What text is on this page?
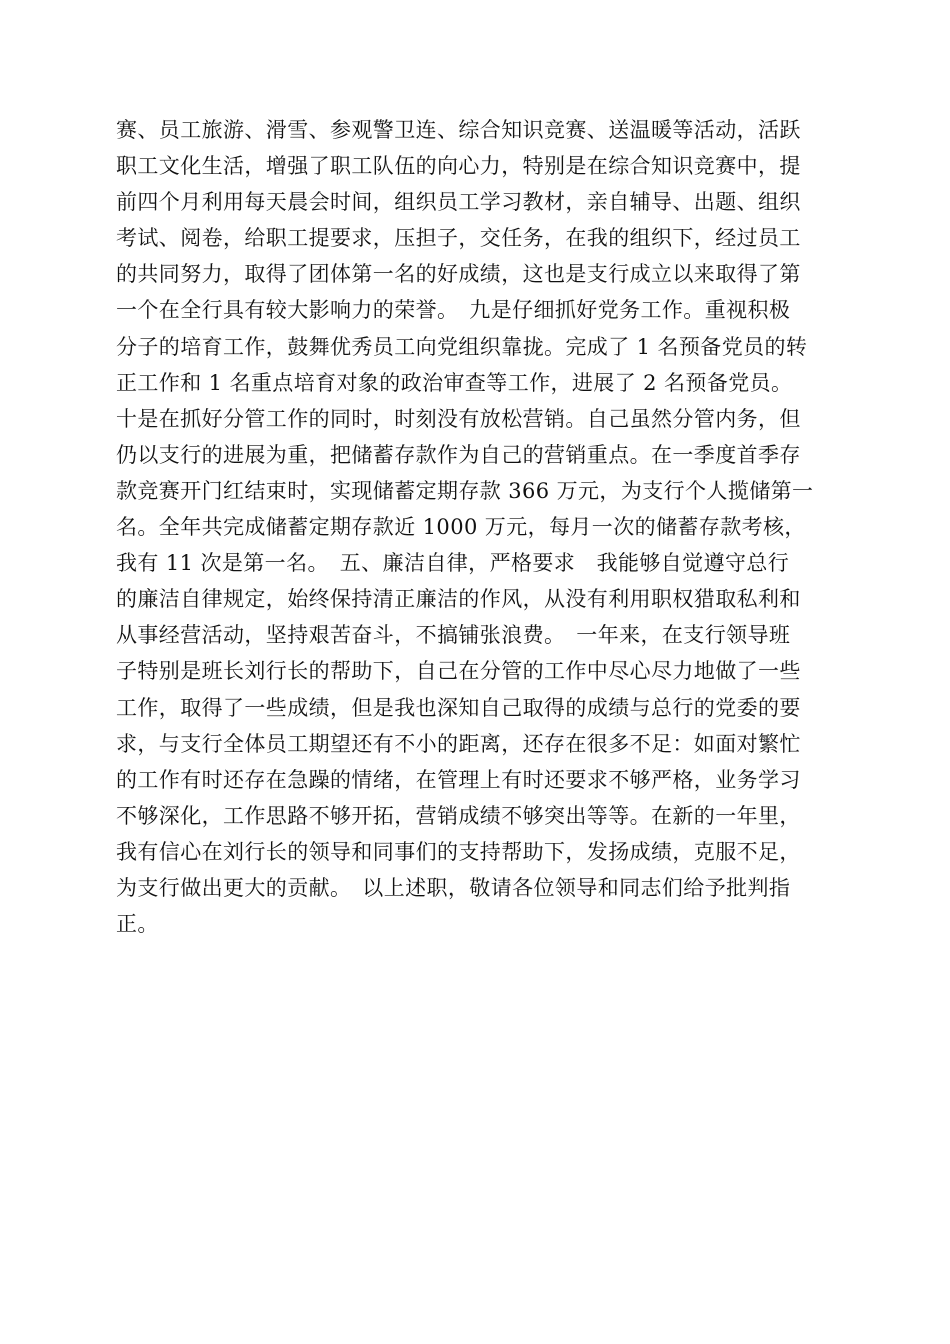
赛、员工旅游、滑雪、参观警卫连、综合知识竞赛、送温暖等活动，活跃
职工文化生活，增强了职工队伍的向心力，特别是在综合知识竞赛中，提
前四个月利用每天晨会时间，组织员工学习教材，亲自辅导、出题、组织
考试、阅卷，给职工提要求，压担子，交任务，在我的组织下，经过员工
的共同努力，取得了团体第一名的好成绩，这也是支行成立以来取得了第
一个在全行具有较大影响力的荣誉。　九是仔细抓好党务工作。重视积极
分子的培育工作，鼓舞优秀员工向党组织靠拢。完成了 1 名预备党员的转
正工作和 1 名重点培育对象的政治审查等工作，进展了 2 名预备党员。
十是在抓好分管工作的同时，时刻没有放松营销。自己虽然分管内务，但
仍以支行的进展为重，把储蓄存款作为自己的营销重点。在一季度首季存
款竞赛开门红结束时，实现储蓄定期存款 366 万元，为支行个人揽储第一
名。全年共完成储蓄定期存款近 1000 万元，每月一次的储蓄存款考核，
我有 11 次是第一名。　五、廉洁自律，严格要求　我能够自觉遵守总行
的廉洁自律规定，始终保持清正廉洁的作风，从没有利用职权猎取私利和
从事经营活动，坚持艰苦奋斗，不搞铺张浪费。　一年来，在支行领导班
子特别是班长刘行长的帮助下，自己在分管的工作中尽心尽力地做了一些
工作，取得了一些成绩，但是我也深知自己取得的成绩与总行的党委的要
求，与支行全体员工期望还有不小的距离，还存在很多不足：如面对繁忙
的工作有时还存在急躁的情绪，在管理上有时还要求不够严格，业务学习
不够深化，工作思路不够开拓，营销成绩不够突出等等。在新的一年里，
我有信心在刘行长的领导和同事们的支持帮助下，发扬成绩，克服不足，
为支行做出更大的贡献。　以上述职，敬请各位领导和同志们给予批判指
正。
